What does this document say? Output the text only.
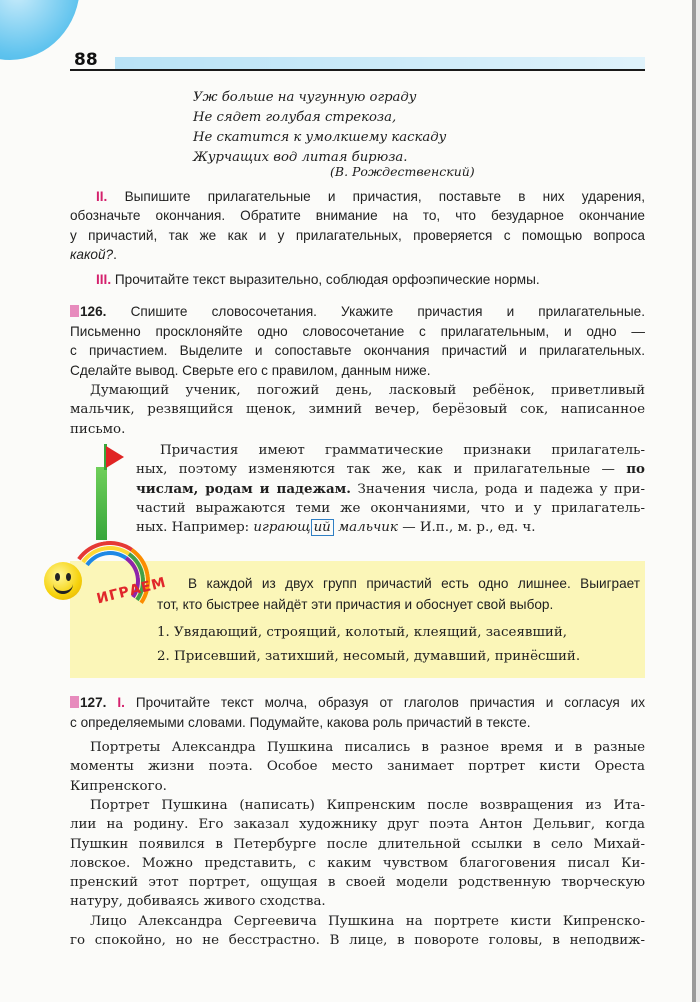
88
Уж больше на чугунную ограду
Не сядет голубая стрекоза,
Не скатится к умолкшему каскаду
Журчащих вод литая бирюза.
(В. Рождественский)
II. Выпишите прилагательные и причастия, поставьте в них ударения,
обозначьте окончания. Обратите внимание на то, что безударное окончание
у причастий, так же как и у прилагательных, проверяется с помощью вопроса
какой?.
III. Прочитайте текст выразительно, соблюдая орфоэпические нормы.
126. Спишите словосочетания. Укажите причастия и прилагательные.
Письменно просклоняйте одно словосочетание с прилагательным, и одно —
с причастием. Выделите и сопоставьте окончания причастий и прилагательных.
Сделайте вывод. Сверьте его с правилом, данным ниже.
Думающий ученик, погожий день, ласковый ребёнок, приветливый
мальчик, резвящийся щенок, зимний вечер, берёзовый сок, написанное
письмо.
Причастия имеют грамматические признаки прилагатель-
ных, поэтому изменяются так же, как и прилагательные — по
числам, родам и падежам. Значения числа, рода и падежа у при-
частий выражаются теми же окончаниями, что и у прилагатель-
ных. Например: играющ ий мальчик — И.п., м. р., ед. ч.
ИГРАЕМ В каждой из двух групп причастий есть одно лишнее. Выиграет
тот, кто быстрее найдёт эти причастия и обоснует свой выбор.
1. Увядающий, строящий, колотый, клеящий, засеявший,
2. Присевший, затихший, несомый, думавший, принёсший.
127. I. Прочитайте текст молча, образуя от глаголов причастия и согласуя их
с определяемыми словами. Подумайте, какова роль причастий в тексте.
Портреты Александра Пушкина писались в разное время и в разные
моменты жизни поэта. Особое место занимает портрет кисти Ореста
Кипренского.
Портрет Пушкина (написать) Кипренским после возвращения из Ита-
лии на родину. Его заказал художнику друг поэта Антон Дельвиг, когда
Пушкин появился в Петербурге после длительной ссылки в село Михай-
ловское. Можно представить, с каким чувством благоговения писал Ки-
пренский этот портрет, ощущая в своей модели родственную творческую
натуру, добиваясь живого сходства.
Лицо Александра Сергеевича Пушкина на портрете кисти Кипренско-
го спокойно, но не бесстрастно. В лице, в повороте головы, в неподвиж-
